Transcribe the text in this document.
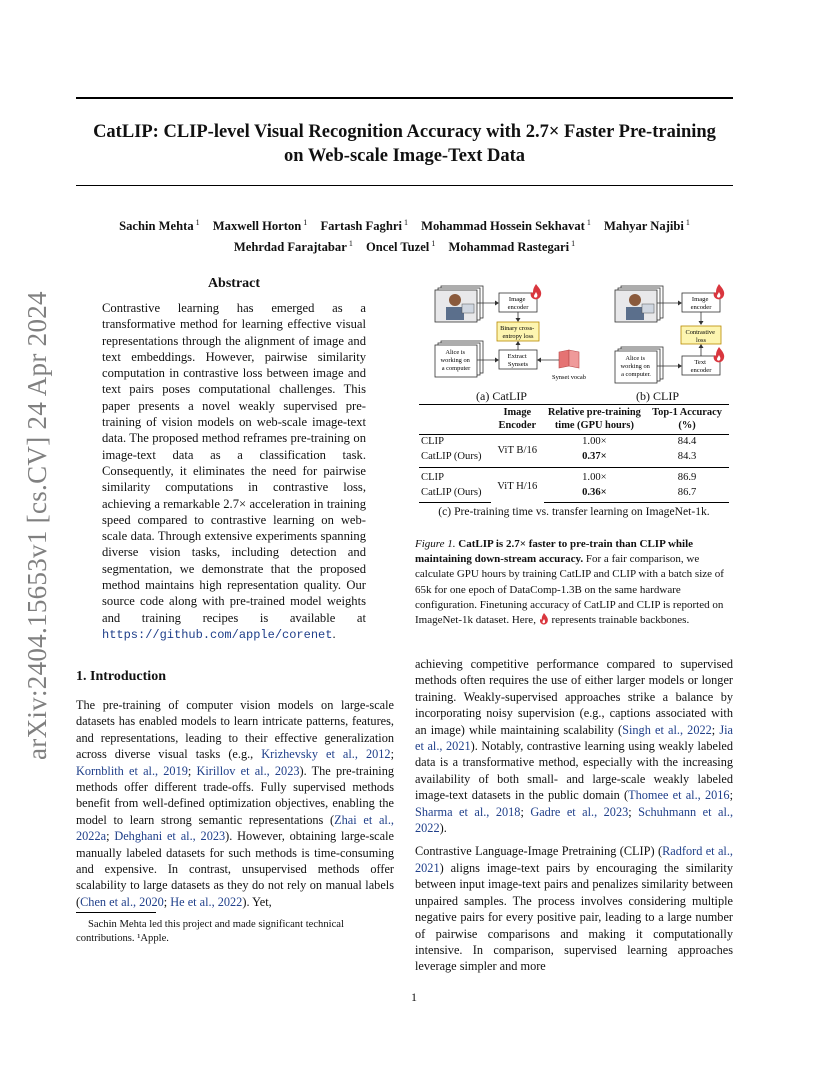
CatLIP: CLIP-level Visual Recognition Accuracy with 2.7× Faster Pre-training
on Web-scale Image-Text Data
Sachin Mehta $^1$ Maxwell Horton $^1$ Fartash Faghri $^1$ Mohammad Hossein Sekhavat $^1$ Mahyar Najibi $^1$
Mehrdad Farajtabar $^1$ Oncel Tuzel $^1$ Mohammad Rastegari $^1$
arXiv:2404.15653v1 [cs.CV] 24 Apr 2024
Abstract

Contrastive learning has emerged as a transformative method for learning effective visual representations through the alignment of image and text embeddings. However, pairwise similarity computation in contrastive loss between image and text pairs poses computational challenges. This paper presents a novel weakly supervised pre-training of vision models on web-scale image-text data. The proposed method reframes pre-training on image-text data as a classification task. Consequently, it eliminates the need for pairwise similarity computations in contrastive loss, achieving a remarkable 2.7× acceleration in training speed compared to contrastive learning on web-scale data. Through extensive experiments spanning diverse vision tasks, including detection and segmentation, we demonstrate that the proposed method maintains high representation quality. Our source code along with pre-trained model weights and training recipes is available at https://github.com/apple/corenet.

Alice is working on a computer
Image encoder
Binary cross- entropy loss
Extract Synsets
Synset vocab
Alice is working on a computer.
Image encoder
Contrastive loss
Text encoder
(a) CatLIP	(b) CLIP
	Image
Encoder	Relative pre-training
time (GPU hours)	Top-1 Accuracy
(%)
CLIP	ViT B/16	1.00×	84.4
CatLIP (Ours)		0.37×	84.3
CLIP	ViT H/16	1.00×	86.9
CatLIP (Ours)		0.36×	86.7
(c) Pre-training time vs. transfer learning on ImageNet-1k.

Figure 1. CatLIP is 2.7× faster to pre-train than CLIP while maintaining down-stream accuracy. For a fair comparison, we calculate GPU hours by training CatLIP and CLIP with a batch size of 65k for one epoch of DataComp-1.3B on the same hardware configuration. Finetuning accuracy of CatLIP and CLIP is reported on ImageNet-1k dataset. Here,  represents trainable backbones.

1. Introduction

The pre-training of computer vision models on large-scale datasets has enabled models to learn intricate patterns, features, and representations, leading to their effective generalization across diverse visual tasks (e.g., Krizhevsky et al., 2012; Kornblith et al., 2019; Kirillov et al., 2023). The pre-training methods offer different trade-offs. Fully supervised methods benefit from well-defined optimization objectives, enabling the model to learn strong semantic representations (Zhai et al., 2022a; Dehghani et al., 2023). However, obtaining large-scale manually labeled datasets for such methods is time-consuming and expensive. In contrast, unsupervised methods offer scalability to large datasets as they do not rely on manual labels (Chen et al., 2020; He et al., 2022). Yet,

Sachin Mehta led this project and made significant technical contributions. ¹Apple.

achieving competitive performance compared to supervised methods often requires the use of either larger models or longer training. Weakly-supervised approaches strike a balance by incorporating noisy supervision (e.g., captions associated with an image) while maintaining scalability (Singh et al., 2022; Jia et al., 2021). Notably, contrastive learning using weakly labeled data is a transformative method, especially with the increasing availability of both small- and large-scale weakly labeled image-text datasets in the public domain (Thomee et al., 2016; Sharma et al., 2018; Gadre et al., 2023; Schuhmann et al., 2022).

Contrastive Language-Image Pretraining (CLIP) (Radford et al., 2021) aligns image-text pairs by encouraging the similarity between input image-text pairs and penalizes similarity between unpaired samples. The process involves considering multiple negative pairs for every positive pair, leading to a large number of pairwise comparisons and making it computationally intensive. In comparison, supervised learning approaches leverage simpler and more

1
